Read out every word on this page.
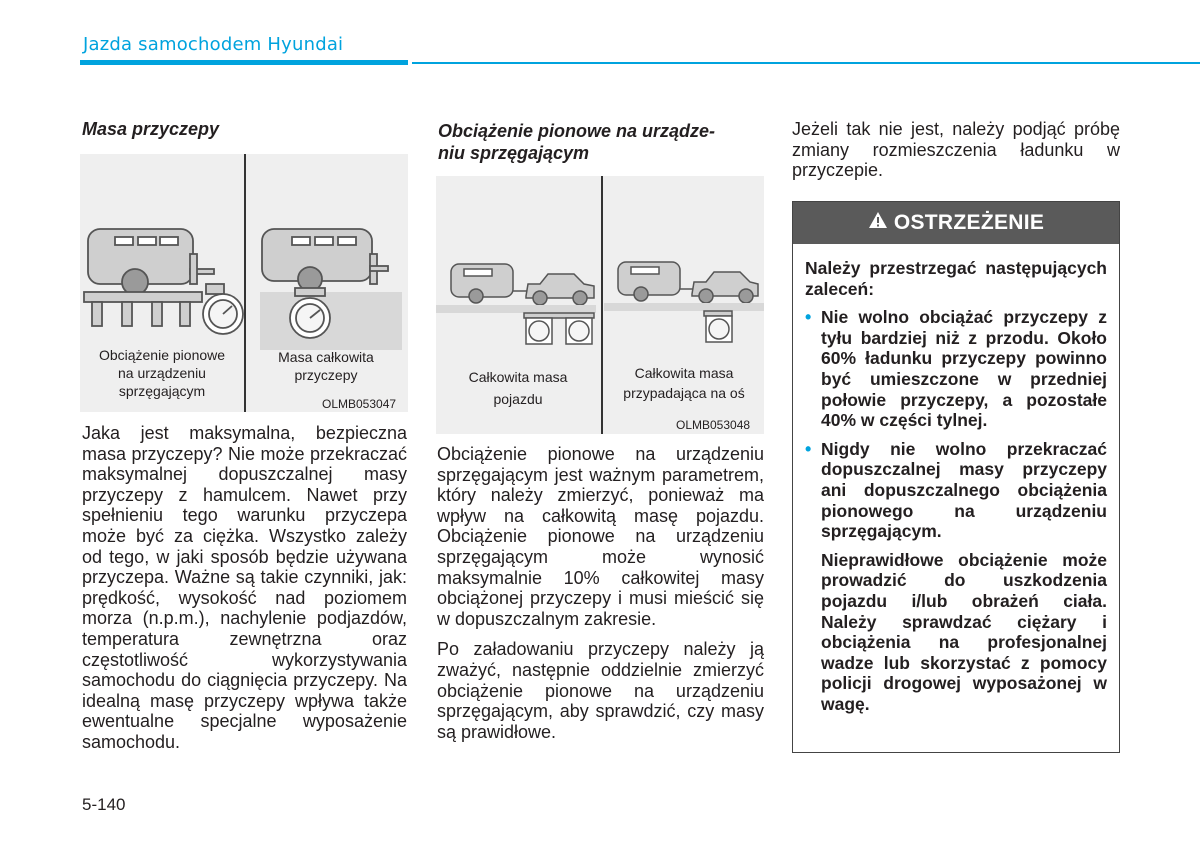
Jazda samochodem Hyundai
Masa przyczepy
Obciążenie pionowe
na urządzeniu
sprzęgającym
Masa całkowita
przyczepy
OLMB053047

Jaka jest maksymalna, bezpieczna masa przyczepy? Nie może przekraczać maksymalnej dopuszczalnej masy przyczepy z hamulcem. Nawet przy spełnieniu tego warunku przyczepa może być za ciężka. Wszystko zależy od tego, w jaki sposób będzie używana przyczepa. Ważne są takie czynniki, jak: prędkość, wysokość nad poziomem morza (n.p.m.), nachylenie podjazdów, temperatura zewnętrzna oraz częstotliwość wykorzystywania samochodu do ciągnięcia przyczepy. Na idealną masę przyczepy wpływa także ewentualne specjalne wyposażenie samochodu.

Obciążenie pionowe na urządze-
niu sprzęgającym
Całkowita masa
pojazdu
Całkowita masa
przypadająca na oś
OLMB053048

Obciążenie pionowe na urządzeniu sprzęgającym jest ważnym parametrem, który należy zmierzyć, ponieważ ma wpływ na całkowitą masę pojazdu. Obciążenie pionowe na urządzeniu sprzęgającym może wynosić maksymalnie 10% całkowitej masy obciążonej przyczepy i musi mieścić się w dopuszczalnym zakresie.

Po załadowaniu przyczepy należy ją zważyć, następnie oddzielnie zmierzyć obciążenie pionowe na urządzeniu sprzęgającym, aby sprawdzić, czy masy są prawidłowe.

Jeżeli tak nie jest, należy podjąć próbę zmiany rozmieszczenia ładunku w przyczepie.

OSTRZEŻENIE

Należy przestrzegać następujących zaleceń:

• Nie wolno obciążać przyczepy z tyłu bardziej niż z przodu. Około 60% ładunku przyczepy powinno być umieszczone w przedniej połowie przyczepy, a pozostałe 40% w części tylnej.
• Nigdy nie wolno przekraczać dopuszczalnej masy przyczepy ani dopuszczalnego obciążenia pionowego na urządzeniu sprzęgającym.

Nieprawidłowe obciążenie może prowadzić do uszkodzenia pojazdu i/lub obrażeń ciała. Należy sprawdzać ciężary i obciążenia na profesjonalnej wadze lub skorzystać z pomocy policji drogowej wyposażonej w wagę.

5-140
